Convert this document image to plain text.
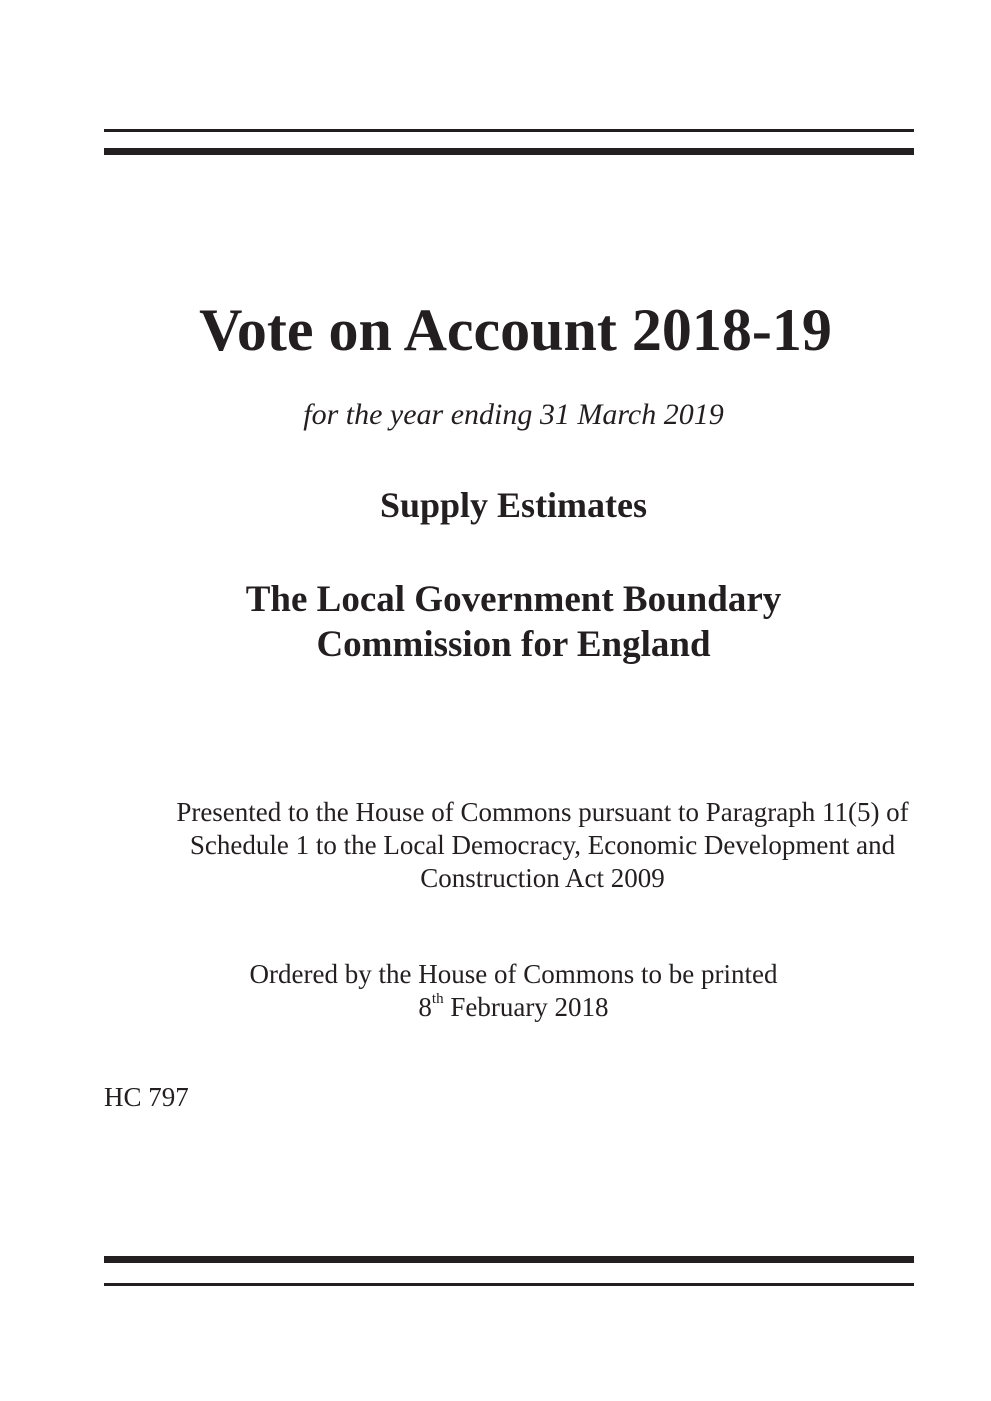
Vote on Account 2018-19
for the year ending 31 March 2019
Supply Estimates
The Local Government Boundary
Commission for England
Presented to the House of Commons pursuant to Paragraph 11(5) of
Schedule 1 to the Local Democracy, Economic Development and
Construction Act 2009
Ordered by the House of Commons to be printed
8th February 2018
HC 797
